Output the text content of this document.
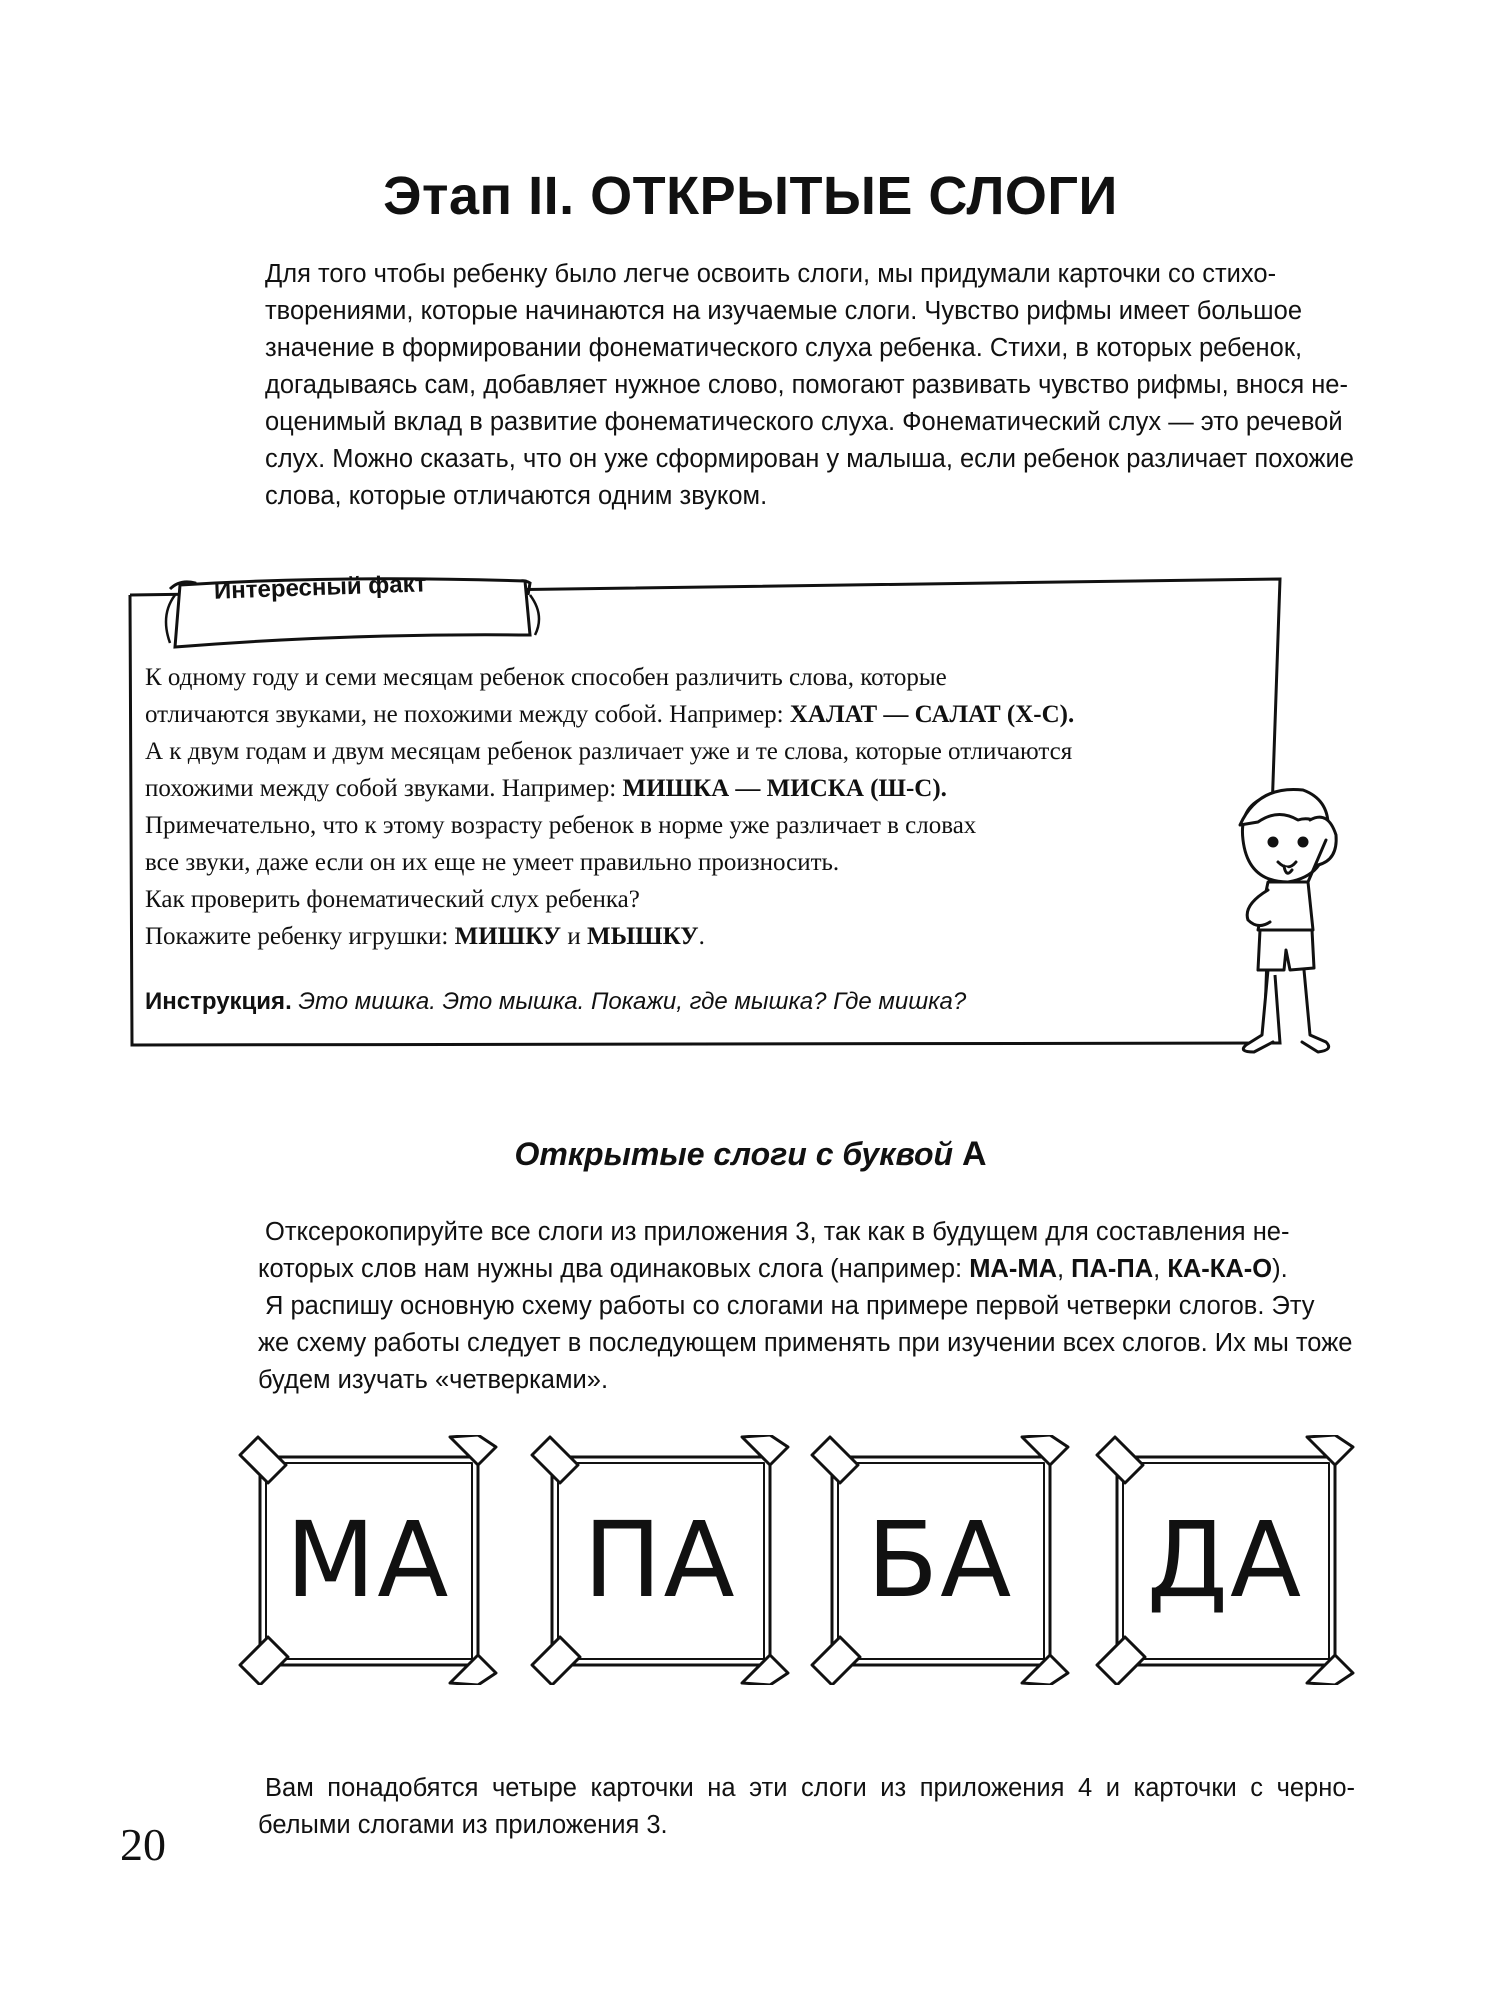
Этап II. ОТКРЫТЫЕ СЛОГИ
Для того чтобы ребенку было легче освоить слоги, мы придумали карточки со стихо-
творениями, которые начинаются на изучаемые слоги. Чувство рифмы имеет большое
значение в формировании фонематического слуха ребенка. Стихи, в которых ребенок,
догадываясь сам, добавляет нужное слово, помогают развивать чувство рифмы, внося не-
оценимый вклад в развитие фонематического слуха. Фонематический слух — это речевой
слух. Можно сказать, что он уже сформирован у малыша, если ребенок различает похожие
слова, которые отличаются одним звуком.
Интересный факт

К одному году и семи месяцам ребенок способен различить слова, которые

отличаются звуками, не похожими между собой. Например: ХАЛАТ — САЛАТ (Х-С).

А к двум годам и двум месяцам ребенок различает уже и те слова, которые отличаются

похожими между собой звуками. Например: МИШКА — МИСКА (Ш-С).

Примечательно, что к этому возрасту ребенок в норме уже различает в словах

все звуки, даже если он их еще не умеет правильно произносить.

Как проверить фонематический слух ребенка?

Покажите ребенку игрушки: МИШКУ и МЫШКУ.

Инструкция. Это мишка. Это мышка. Покажи, где мышка? Где мишка?
Открытые слоги с буквой А

Отксерокопируйте все слоги из приложения 3, так как в будущем для составления не-

которых слов нам нужны два одинаковых слога (например: МА-МА, ПА-ПА, КА-КА-О).

Я распишу основную схему работы со слогами на примере первой четверки слогов. Эту

же схему работы следует в последующем применять при изучении всех слогов. Их мы тоже

будем изучать «четверками».

МА	ПА	БА	ДА

Вам понадобятся четыре карточки на эти слоги из приложения 4 и карточки с черно-

белыми слогами из приложения 3.

20
